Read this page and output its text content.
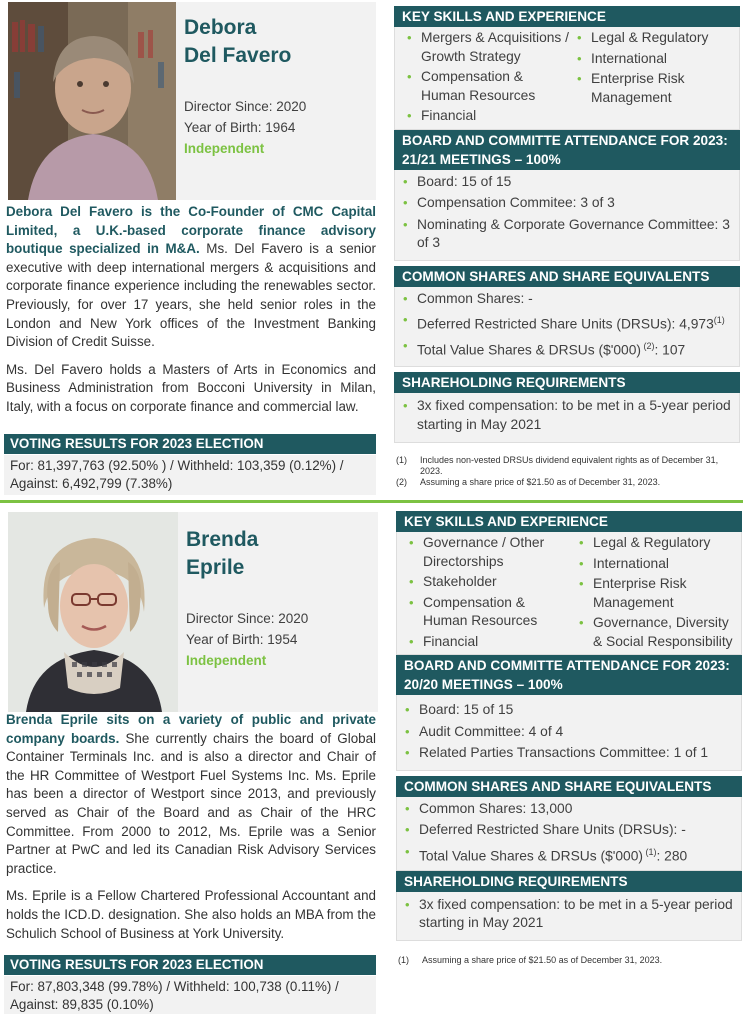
Debora
Del Favero
Director Since: 2020
Year of Birth: 1964
Independent

Debora Del Favero is the Co-Founder of CMC Capital Limited, a U.K.-based corporate finance advisory boutique specialized in M&A. Ms. Del Favero is a senior executive with deep international mergers & acquisitions and corporate finance experience including the renewables sector. Previously, for over 17 years, she held senior roles in the London and New York offices of the Investment Banking Division of Credit Suisse.

Ms. Del Favero holds a Masters of Arts in Economics and Business Administration from Bocconi University in Milan, Italy, with a focus on corporate finance and commercial law.

VOTING RESULTS FOR 2023 ELECTION
For: 81,397,763 (92.50% ) / Withheld: 103,359 (0.12%) / Against: 6,492,799 (7.38%)
KEY SKILLS AND EXPERIENCE
• Mergers & Acquisitions / Growth Strategy
• Compensation & Human Resources
• Financial
• Legal & Regulatory
• International
• Enterprise Risk Management
BOARD AND COMMITTE ATTENDANCE FOR 2023: 21/21 MEETINGS – 100%
• Board: 15 of 15
• Compensation Commitee: 3 of 3
• Nominating & Corporate Governance Committee: 3 of 3
COMMON SHARES AND SHARE EQUIVALENTS
• Common Shares: -
• Deferred Restricted Share Units (DRSUs): 4,973$^{(1)}$
• Total Value Shares & DRSUs ($'000) $^{(2)}$: 107
SHAREHOLDING REQUIREMENTS
• 3x fixed compensation: to be met in a 5-year period starting in May 2021
(1)	Includes non-vested DRSUs dividend equivalent rights as of December 31, 2023.
(2)	Assuming a share price of $21.50 as of December 31, 2023.
Brenda
Eprile
Director Since: 2020
Year of Birth: 1954
Independent

Brenda Eprile sits on a variety of public and private company boards. She currently chairs the board of Global Container Terminals Inc. and is also a director and Chair of the HR Committee of Westport Fuel Systems Inc. Ms. Eprile has been a director of Westport since 2013, and previously served as Chair of the Board and as Chair of the HRC Committee. From 2000 to 2012, Ms. Eprile was a Senior Partner at PwC and led its Canadian Risk Advisory Services practice.

Ms. Eprile is a Fellow Chartered Professional Accountant and holds the ICD.D. designation. She also holds an MBA from the Schulich School of Business at York University.

VOTING RESULTS FOR 2023 ELECTION
For: 87,803,348 (99.78%) / Withheld: 100,738 (0.11%) / Against: 89,835 (0.10%)
KEY SKILLS AND EXPERIENCE
• Governance / Other Directorships
• Stakeholder
• Compensation & Human Resources
• Financial
• Legal & Regulatory
• International
• Enterprise Risk Management
• Governance, Diversity & Social Responsibility
BOARD AND COMMITTE ATTENDANCE FOR 2023: 20/20 MEETINGS – 100%
• Board: 15 of 15
• Audit Committee: 4 of 4
• Related Parties Transactions Committee: 1 of 1
COMMON SHARES AND SHARE EQUIVALENTS
• Common Shares: 13,000
• Deferred Restricted Share Units (DRSUs): -
• Total Value Shares & DRSUs ($'000) $^{(1)}$: 280
SHAREHOLDING REQUIREMENTS
• 3x fixed compensation: to be met in a 5-year period starting in May 2021
(1)	Assuming a share price of $21.50 as of December 31, 2023.
